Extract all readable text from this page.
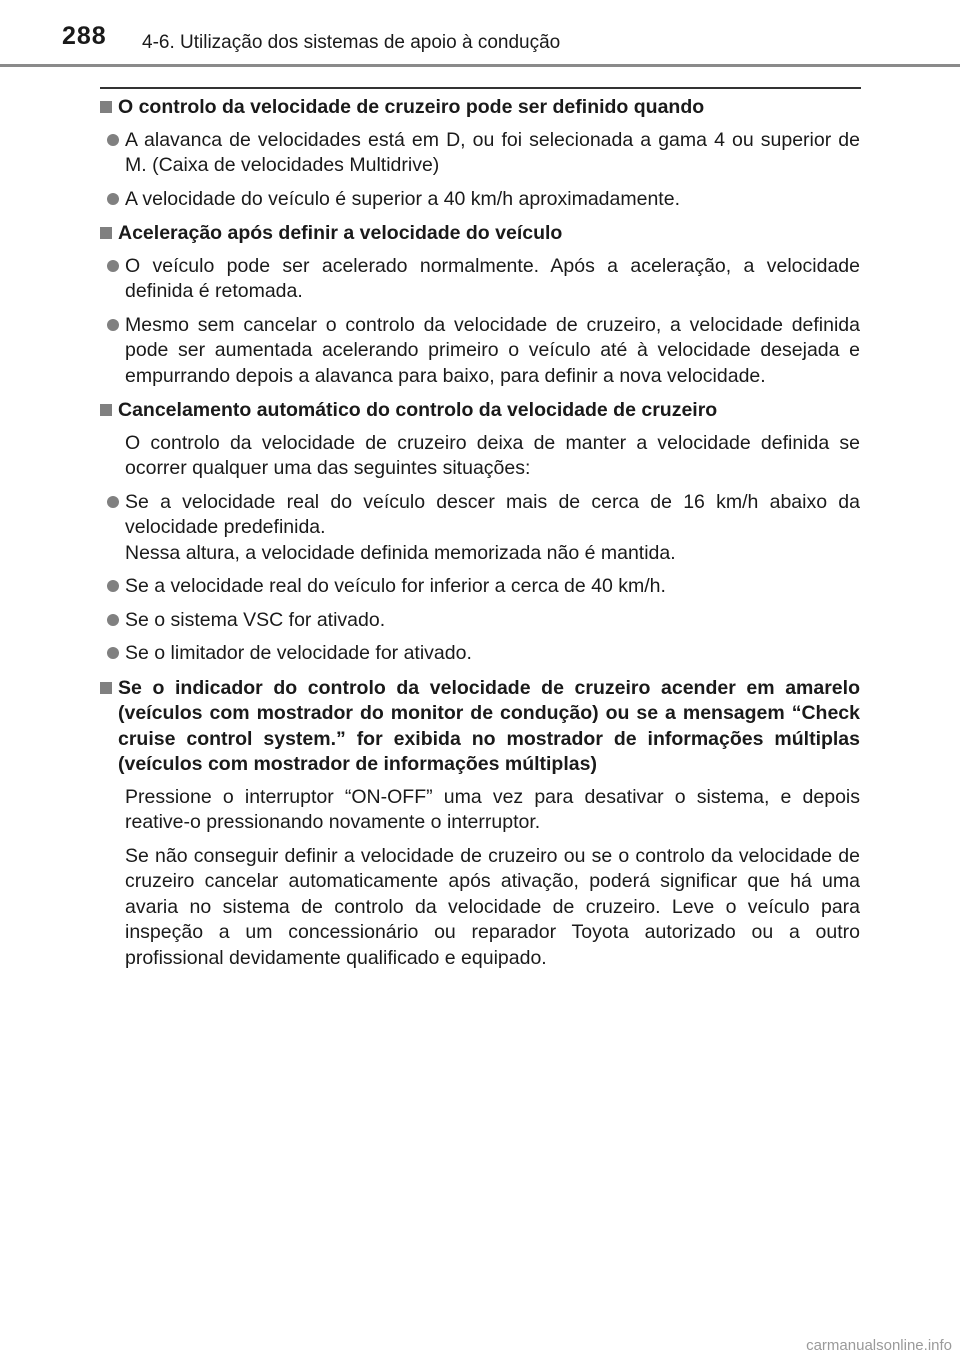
288 4-6. Utilização dos sistemas de apoio à condução
O controlo da velocidade de cruzeiro pode ser definido quando
A alavanca de velocidades está em D, ou foi selecionada a gama 4 ou superior de M. (Caixa de velocidades Multidrive)
A velocidade do veículo é superior a 40 km/h aproximadamente.
Aceleração após definir a velocidade do veículo
O veículo pode ser acelerado normalmente. Após a aceleração, a velocidade definida é retomada.
Mesmo sem cancelar o controlo da velocidade de cruzeiro, a velocidade definida pode ser aumentada acelerando primeiro o veículo até à velocidade desejada e empurrando depois a alavanca para baixo, para definir a nova velocidade.
Cancelamento automático do controlo da velocidade de cruzeiro
O controlo da velocidade de cruzeiro deixa de manter a velocidade definida se ocorrer qualquer uma das seguintes situações:
Se a velocidade real do veículo descer mais de cerca de 16 km/h abaixo da velocidade predefinida.
Nessa altura, a velocidade definida memorizada não é mantida.
Se a velocidade real do veículo for inferior a cerca de 40 km/h.
Se o sistema VSC for ativado.
Se o limitador de velocidade for ativado.
Se o indicador do controlo da velocidade de cruzeiro acender em amarelo (veículos com mostrador do monitor de condução) ou se a mensagem “Check cruise control system.” for exibida no mostrador de informações múltiplas (veículos com mostrador de informações múltiplas)
Pressione o interruptor “ON-OFF” uma vez para desativar o sistema, e depois reative-o pressionando novamente o interruptor.
Se não conseguir definir a velocidade de cruzeiro ou se o controlo da velocidade de cruzeiro cancelar automaticamente após ativação, poderá significar que há uma avaria no sistema de controlo da velocidade de cruzeiro. Leve o veículo para inspeção a um concessionário ou reparador Toyota autorizado ou a outro profissional devidamente qualificado e equipado.
carmanualsonline.info
